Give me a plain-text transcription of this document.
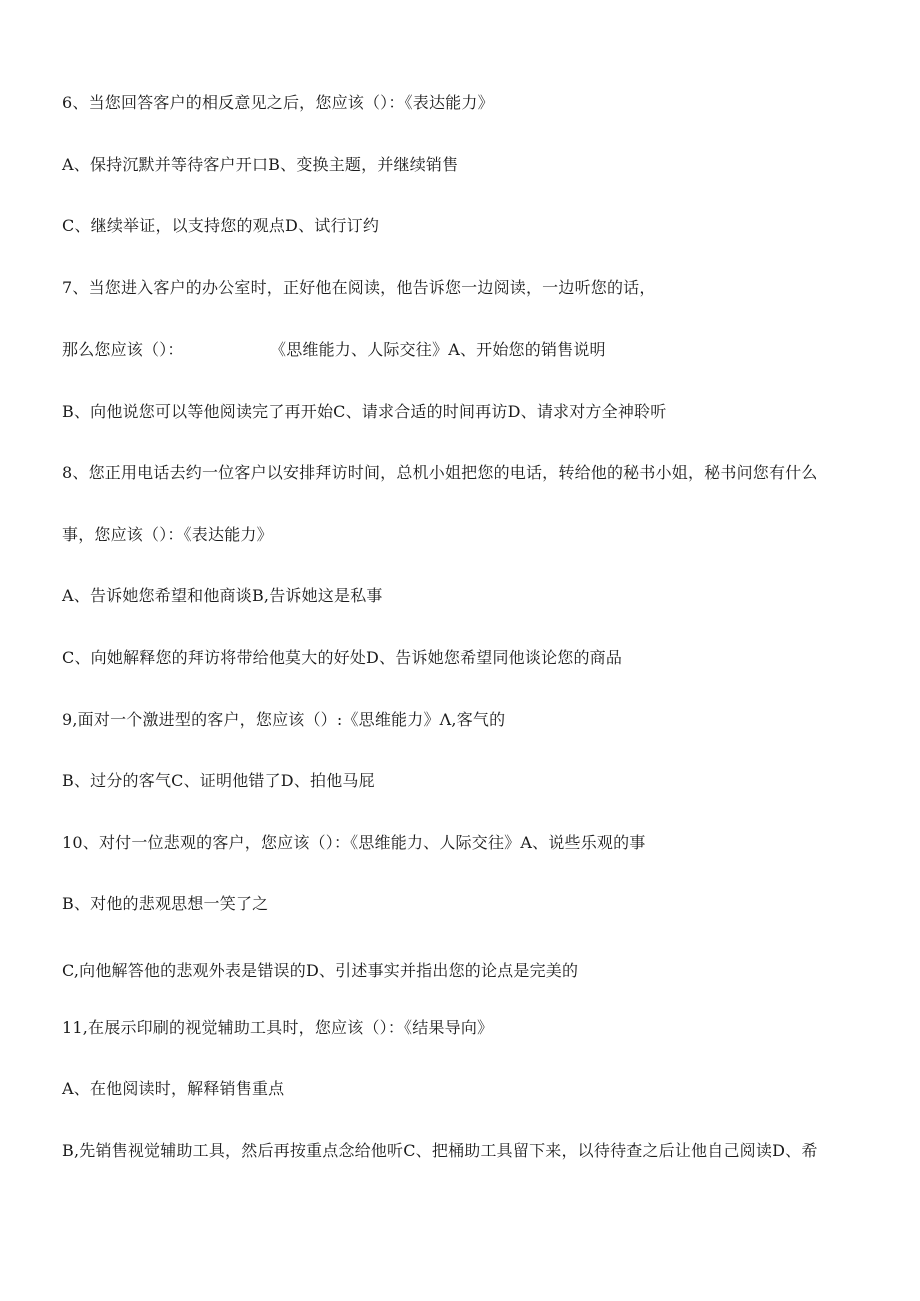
6、当您回答客户的相反意见之后，您应该（）：《表达能力》
A、保持沉默并等待客户开口B、变换主题，并继续销售
C、继续举证，以支持您的观点D、试行订约
7、当您进入客户的办公室时，正好他在阅读，他告诉您一边阅读，一边听您的话，
那么您应该（）：	《思维能力、人际交往》A、开始您的销售说明
B、向他说您可以等他阅读完了再开始C、请求合适的时间再访D、请求对方全神聆听
8、您正用电话去约一位客户以安排拜访时间，总机小姐把您的电话，转给他的秘书小姐，秘书问您有什么
事，您应该（）：《表达能力》
A、告诉她您希望和他商谈B,告诉她这是私事
C、向她解释您的拜访将带给他莫大的好处D、告诉她您希望同他谈论您的商品
9,面对一个激进型的客户，您应该（）:《思维能力》Λ,客气的
B、过分的客气C、证明他错了D、拍他马屁
10、对付一位悲观的客户，您应该（）：《思维能力、人际交往》A、说些乐观的事
B、对他的悲观思想一笑了之
C,向他解答他的悲观外表是错误的D、引述事实并指出您的论点是完美的
11,在展示印刷的视觉辅助工具时，您应该（）：《结果导向》
A、在他阅读时，解释销售重点
B,先销售视觉辅助工具，然后再按重点念给他听C、把桶助工具留下来，以待待查之后让他自己阅读D、希
